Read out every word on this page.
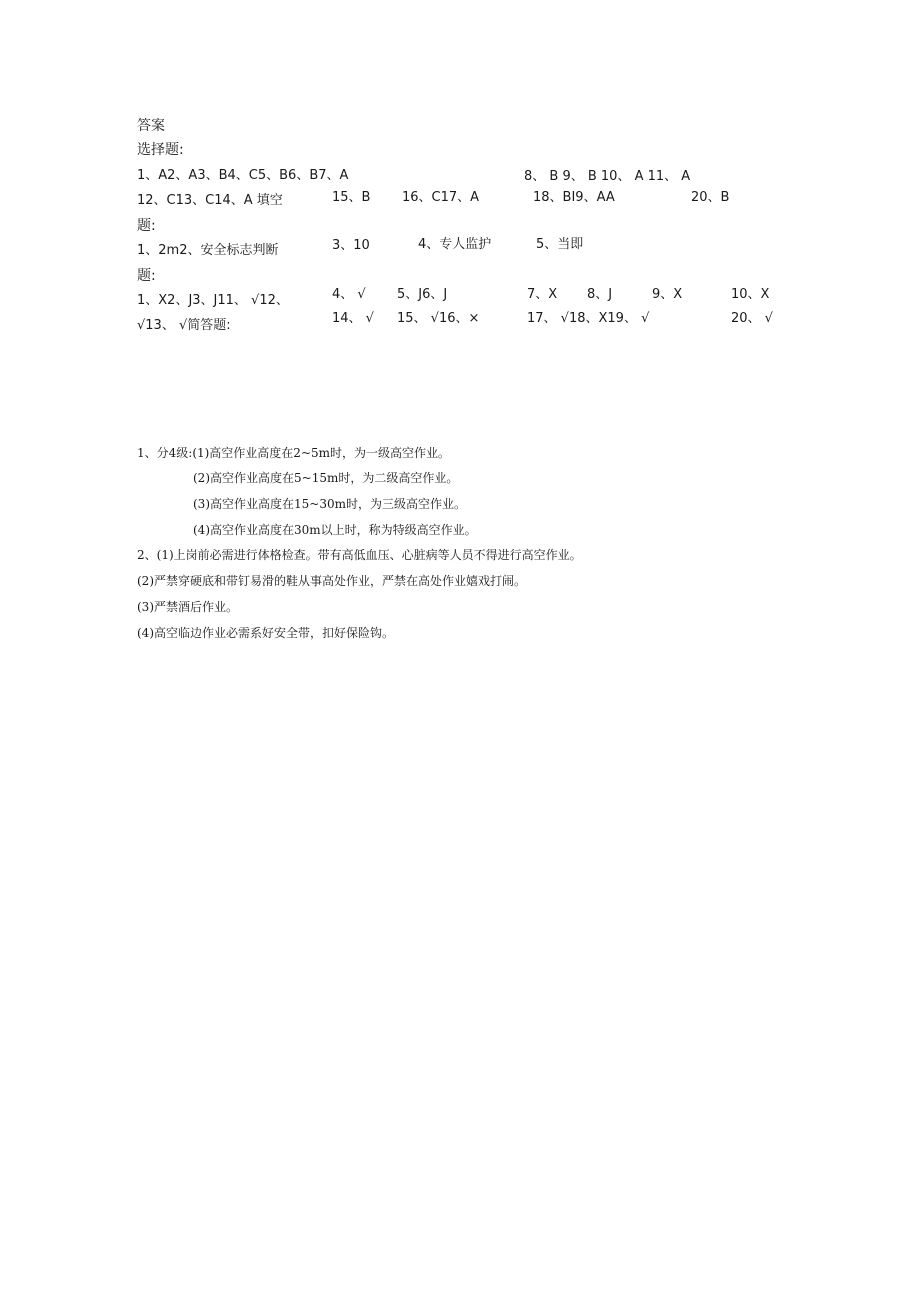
答案
选择题:
1、A2、A3、B4、C5、B6、B7、A	8、 B 9、 B 10、 A 11、 A
12、C13、C14、A 填空	15、B 16、C17、A	18、BI9、AA	20、B
题:
1、2m2、安全标志判断	3、10	4、专人监护	5、当即
题:
1、X2、J3、J11、 √12、	4、 √ 5、J6、J	7、X 8、J	9、X	10、X
√13、 √简答题:	14、 √ 15、 √16、×	17、 √18、X19、 √	20、 √
1、分4级:(1)高空作业高度在2~5m时，为一级高空作业。
(2)高空作业高度在5~15m时，为二级高空作业。
(3)高空作业高度在15~30m时，为三级高空作业。
(4)高空作业高度在30m以上时，称为特级高空作业。
2、(1)上岗前必需进行体格检查。带有高低血压、心脏病等人员不得进行高空作业。
(2)严禁穿硬底和带钉易滑的鞋从事高处作业，严禁在高处作业嬉戏打闹。
(3)严禁酒后作业。
(4)高空临边作业必需系好安全带，扣好保险钩。
